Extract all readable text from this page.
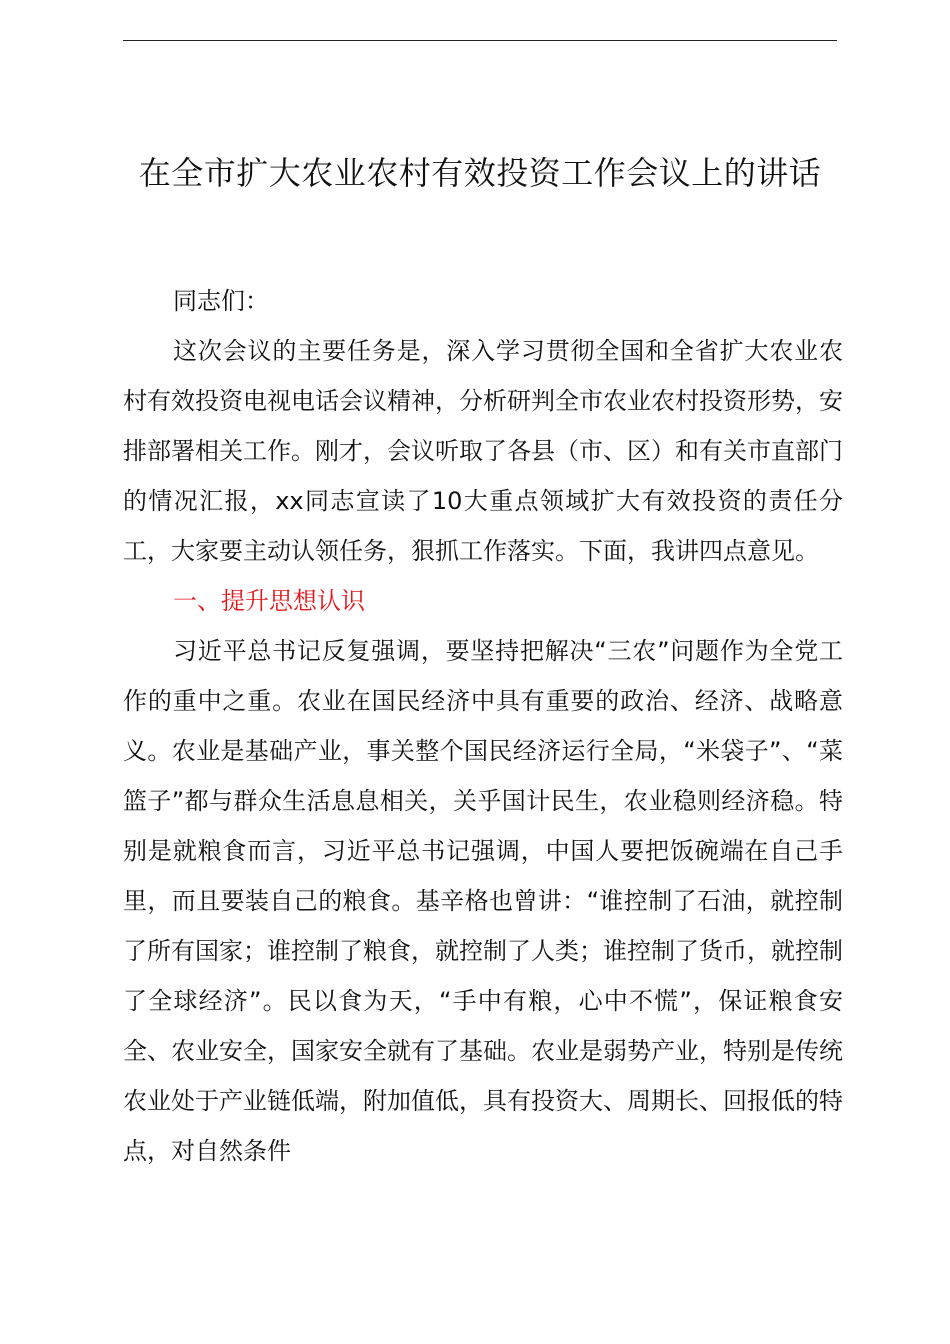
在全市扩大农业农村有效投资工作会议上的讲话

同志们：

这次会议的主要任务是，深入学习贯彻全国和全省扩大农业农村有效投资电视电话会议精神，分析研判全市农业农村投资形势，安排部署相关工作。刚才，会议听取了各县（市、区）和有关市直部门的情况汇报，xx同志宣读了10大重点领域扩大有效投资的责任分工，大家要主动认领任务，狠抓工作落实。下面，我讲四点意见。

一、提升思想认识

习近平总书记反复强调，要坚持把解决“三农”问题作为全党工作的重中之重。农业在国民经济中具有重要的政治、经济、战略意义。农业是基础产业，事关整个国民经济运行全局，“米袋子”、“菜篮子”都与群众生活息息相关，关乎国计民生，农业稳则经济稳。特别是就粮食而言，习近平总书记强调，中国人要把饭碗端在自己手里，而且要装自己的粮食。基辛格也曾讲：“谁控制了石油，就控制了所有国家；谁控制了粮食，就控制了人类；谁控制了货币，就控制了全球经济”。民以食为天，“手中有粮，心中不慌”，保证粮食安全、农业安全，国家安全就有了基础。农业是弱势产业，特别是传统农业处于产业链低端，附加值低，具有投资大、周期长、回报低的特点，对自然条件
